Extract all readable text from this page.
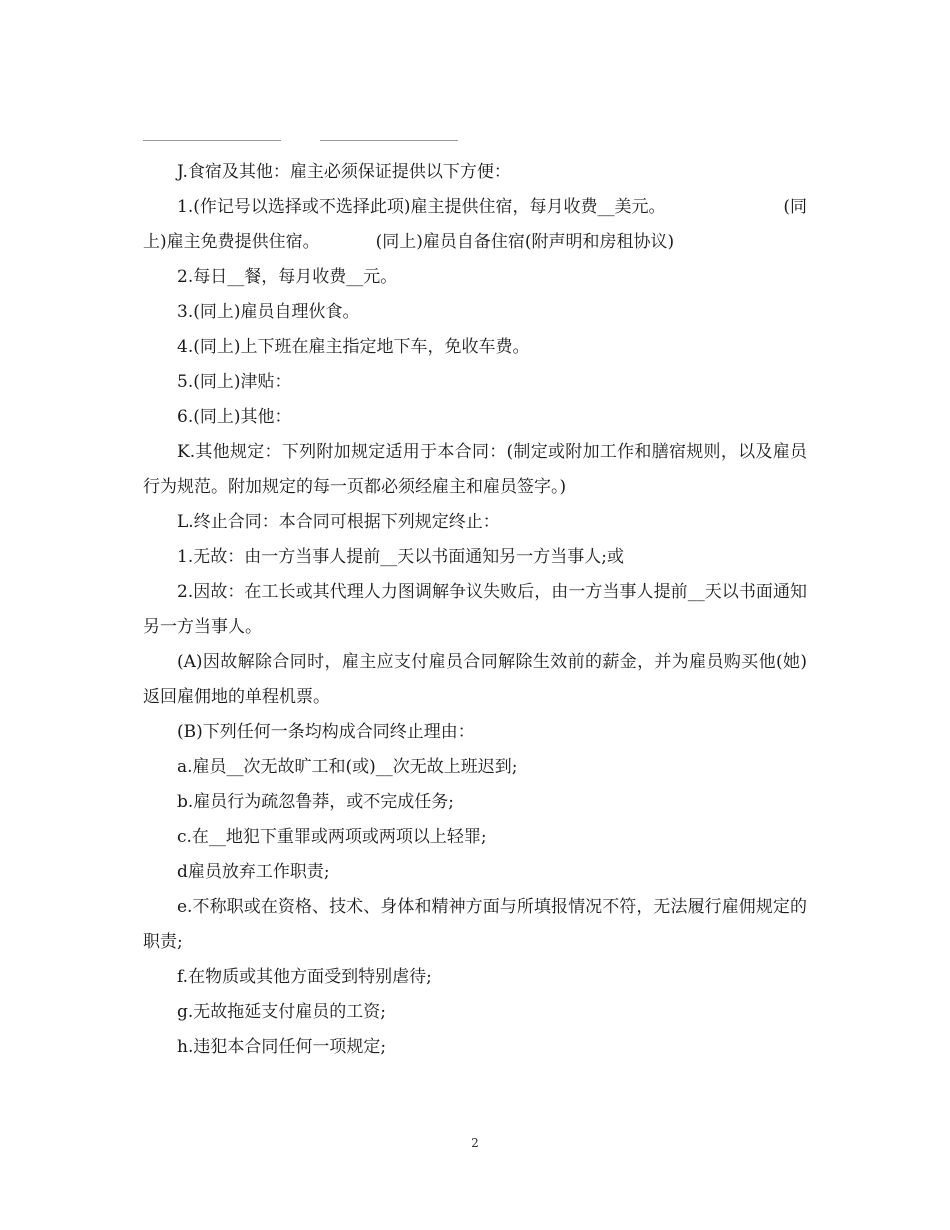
J.食宿及其他：雇主必须保证提供以下方便：

1.(作记号以选择或不选择此项)雇主提供住宿，每月收费__美元。	(同
上)雇主免费提供住宿。	(同上)雇员自备住宿(附声明和房租协议)

2.每日__餐，每月收费__元。

3.(同上)雇员自理伙食。

4.(同上)上下班在雇主指定地下车，免收车费。

5.(同上)津贴：

6.(同上)其他：

K.其他规定：下列附加规定适用于本合同：(制定或附加工作和膳宿规则，以及雇员行为规范。附加规定的每一页都必须经雇主和雇员签字。)

L.终止合同：本合同可根据下列规定终止：

1.无故：由一方当事人提前__天以书面通知另一方当事人;或

2.因故：在工长或其代理人力图调解争议失败后，由一方当事人提前__天以书面通知另一方当事人。

(A)因故解除合同时，雇主应支付雇员合同解除生效前的薪金，并为雇员购买他(她)返回雇佣地的单程机票。

(B)下列任何一条均构成合同终止理由：

a.雇员__次无故旷工和(或)__次无故上班迟到;

b.雇员行为疏忽鲁莽，或不完成任务;

c.在__地犯下重罪或两项或两项以上轻罪;

d雇员放弃工作职责;

e.不称职或在资格、技术、身体和精神方面与所填报情况不符，无法履行雇佣规定的职责;

f.在物质或其他方面受到特别虐待;

g.无故拖延支付雇员的工资;

h.违犯本合同任何一项规定;

2
